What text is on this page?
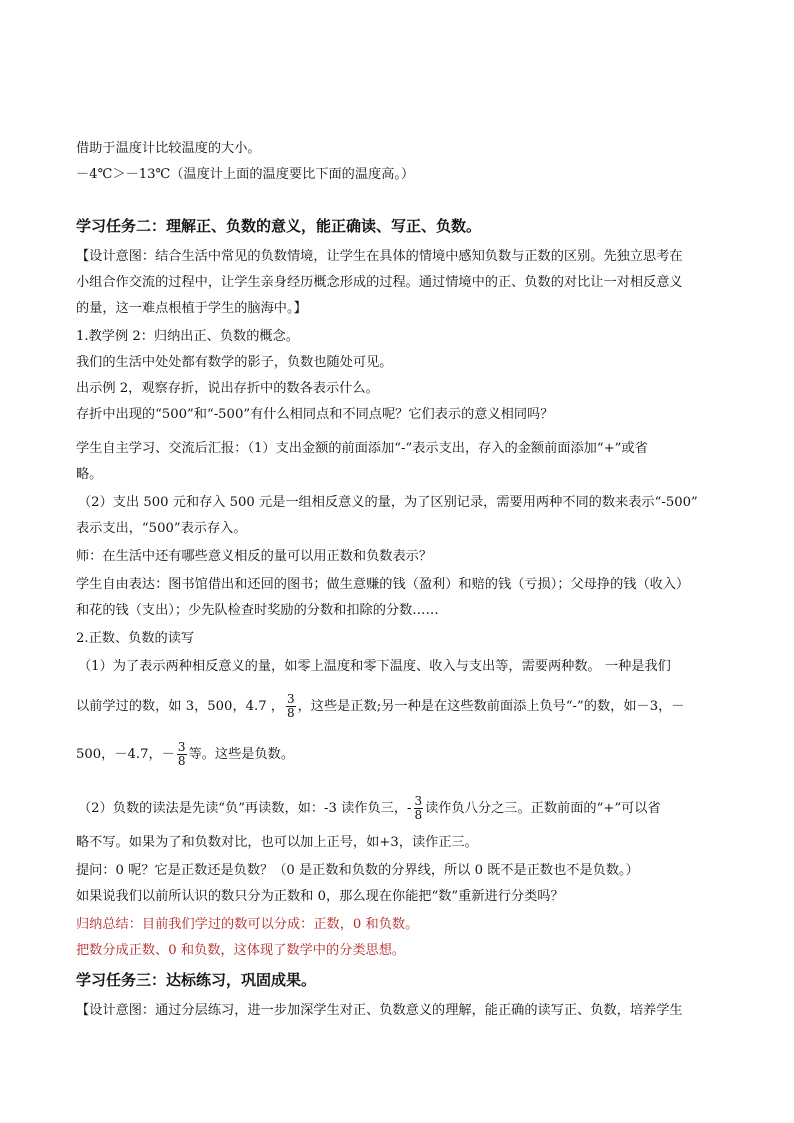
借助于温度计比较温度的大小。
－4℃＞－13℃（温度计上面的温度要比下面的温度高。）
学习任务二：理解正、负数的意义，能正确读、写正、负数。
【设计意图：结合生活中常见的负数情境，让学生在具体的情境中感知负数与正数的区别。先独立思考在
小组合作交流的过程中，让学生亲身经历概念形成的过程。通过情境中的正、负数的对比让一对相反意义
的量，这一难点根植于学生的脑海中。】
1.教学例 2：归纳出正、负数的概念。
我们的生活中处处都有数学的影子，负数也随处可见。
出示例 2，观察存折，说出存折中的数各表示什么。
存折中出现的“500”和“-500”有什么相同点和不同点呢？它们表示的意义相同吗？
学生自主学习、交流后汇报：（1）支出金额的前面添加“-”表示支出，存入的金额前面添加“+”或省
略。
（2）支出 500 元和存入 500 元是一组相反意义的量，为了区别记录，需要用两种不同的数来表示“-500”
表示支出，“500”表示存入。
师：在生活中还有哪些意义相反的量可以用正数和负数表示？
学生自由表达：图书馆借出和还回的图书；做生意赚的钱（盈利）和赔的钱（亏损）；父母挣的钱（收入）
和花的钱（支出）；少先队检查时奖励的分数和扣除的分数……
2.正数、负数的读写
（1）为了表示两种相反意义的量，如零上温度和零下温度、收入与支出等，需要两种数。 一种是我们
以前学过的数，如 3，500，4.7 ， $\frac{3}{8}$ ，这些是正数;另一种是在这些数前面添上负号“-”的数，如－3，－
500，－4.7，－ $\frac{3}{8}$ 等。这些是负数。
（2）负数的读法是先读“负”再读数，如：-3 读作负三，- $\frac{3}{8}$ 读作负八分之三。正数前面的“+”可以省
略不写。如果为了和负数对比，也可以加上正号，如+3，读作正三。
提问：0 呢？它是正数还是负数？（0 是正数和负数的分界线，所以 0 既不是正数也不是负数。）
如果说我们以前所认识的数只分为正数和 0，那么现在你能把“数”重新进行分类吗？
归纳总结：目前我们学过的数可以分成：正数，0 和负数。
把数分成正数、0 和负数，这体现了数学中的分类思想。
学习任务三：达标练习，巩固成果。
【设计意图：通过分层练习，进一步加深学生对正、负数意义的理解，能正确的读写正、负数，培养学生
